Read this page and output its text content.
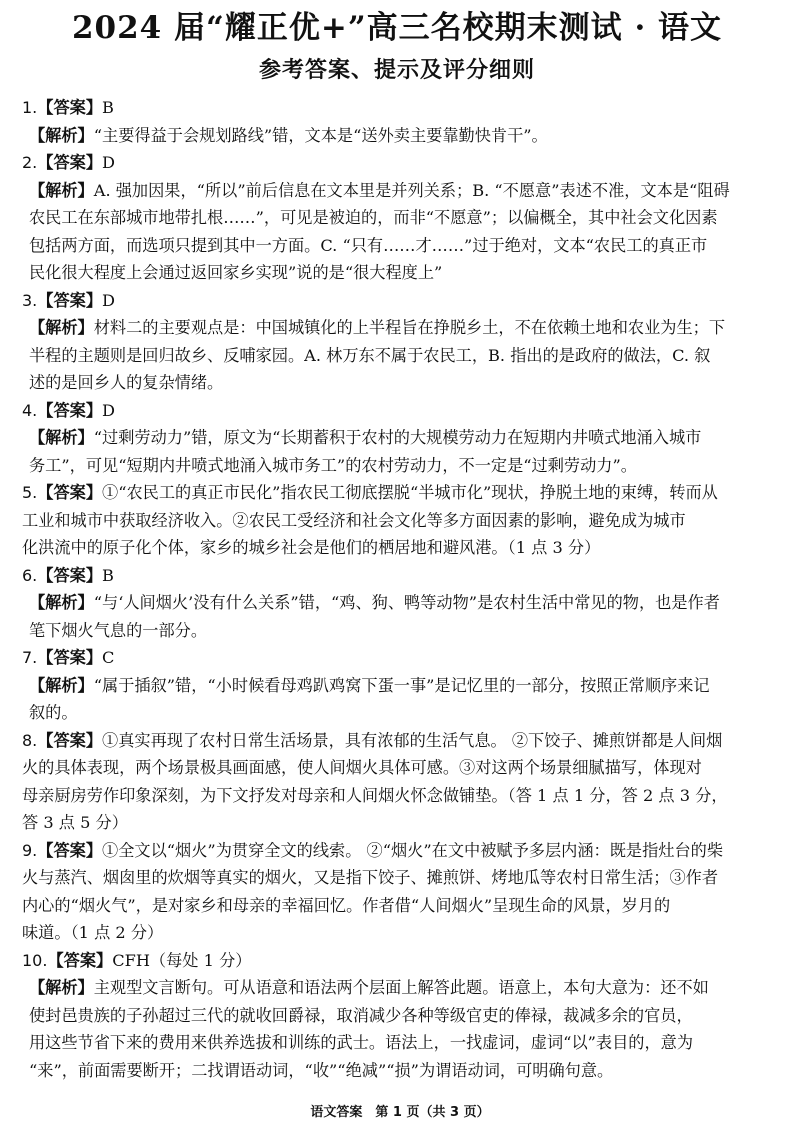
2024 届“耀正优+”高三名校期末测试 · 语文
参考答案、提示及评分细则

1.【答案】B

【解析】“主要得益于会规划路线”错，文本是“送外卖主要靠勤快肯干”。

2.【答案】D

【解析】A. 强加因果，“所以”前后信息在文本里是并列关系；B. “不愿意”表述不准，文本是“阻碍

农民工在东部城市地带扎根……”，可见是被迫的，而非“不愿意”；以偏概全，其中社会文化因素

包括两方面，而选项只提到其中一方面。C. “只有……才……”过于绝对，文本“农民工的真正市

民化很大程度上会通过返回家乡实现”说的是“很大程度上”

3.【答案】D

【解析】材料二的主要观点是：中国城镇化的上半程旨在挣脱乡土，不在依赖土地和农业为生；下

半程的主题则是回归故乡、反哺家园。A. 林万东不属于农民工，B. 指出的是政府的做法，C. 叙

述的是回乡人的复杂情绪。

4.【答案】D

【解析】“过剩劳动力”错，原文为“长期蓄积于农村的大规模劳动力在短期内井喷式地涌入城市

务工”，可见“短期内井喷式地涌入城市务工”的农村劳动力，不一定是“过剩劳动力”。

5.【答案】①“农民工的真正市民化”指农民工彻底摆脱“半城市化”现状，挣脱土地的束缚，转而从

工业和城市中获取经济收入。②农民工受经济和社会文化等多方面因素的影响，避免成为城市

化洪流中的原子化个体，家乡的城乡社会是他们的栖居地和避风港。（1 点 3 分）

6.【答案】B

【解析】“与‘人间烟火’没有什么关系”错，“鸡、狗、鸭等动物”是农村生活中常见的物，也是作者

笔下烟火气息的一部分。

7.【答案】C

【解析】“属于插叙”错，“小时候看母鸡趴鸡窝下蛋一事”是记忆里的一部分，按照正常顺序来记

叙的。

8.【答案】①真实再现了农村日常生活场景，具有浓郁的生活气息。 ②下饺子、摊煎饼都是人间烟

火的具体表现，两个场景极具画面感，使人间烟火具体可感。③对这两个场景细腻描写，体现对

母亲厨房劳作印象深刻，为下文抒发对母亲和人间烟火怀念做铺垫。（答 1 点 1 分，答 2 点 3 分，

答 3 点 5 分）

9.【答案】①全文以“烟火”为贯穿全文的线索。 ②“烟火”在文中被赋予多层内涵：既是指灶台的柴

火与蒸汽、烟囱里的炊烟等真实的烟火，又是指下饺子、摊煎饼、烤地瓜等农村日常生活；③作者

内心的“烟火气”，是对家乡和母亲的幸福回忆。作者借“人间烟火”呈现生命的风景，岁月的

味道。（1 点 2 分）

10.【答案】CFH（每处 1 分）

【解析】主观型文言断句。可从语意和语法两个层面上解答此题。语意上，本句大意为：还不如

使封邑贵族的子孙超过三代的就收回爵禄，取消减少各种等级官吏的俸禄，裁减多余的官员，

用这些节省下来的费用来供养选拔和训练的武士。语法上，一找虚词，虚词“以”表目的，意为

“来”，前面需要断开；二找谓语动词，“收”“绝减”“损”为谓语动词，可明确句意。

语文答案　第 1 页（共 3 页）
